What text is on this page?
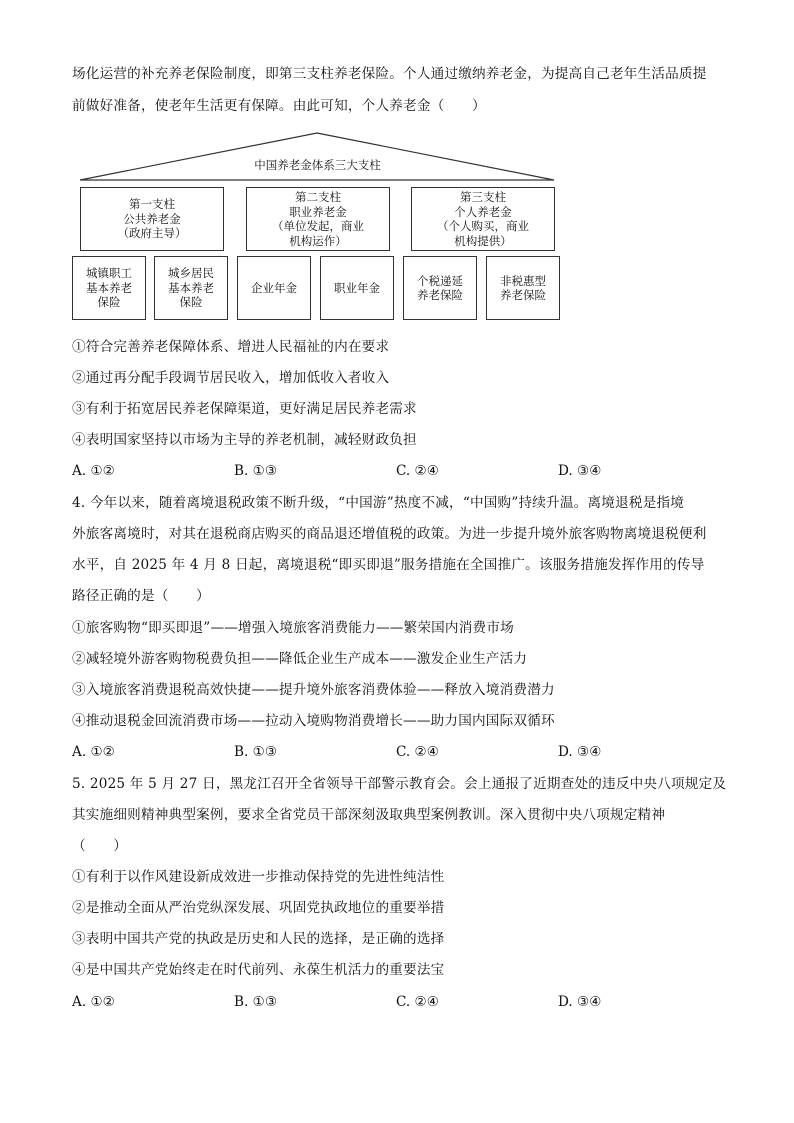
场化运营的补充养老保险制度，即第三支柱养老保险。个人通过缴纳养老金，为提高自己老年生活品质提
前做好准备，使老年生活更有保障。由此可知，个人养老金（　　）
中国养老金体系三大支柱
第一支柱
公共养老金
（政府主导）
第二支柱
职业养老金
（单位发起，商业
机构运作）
第三支柱
个人养老金
（个人购买，商业
机构提供）
城镇职工
基本养老
保险
城乡居民
基本养老
保险
企业年金	职业年金
个税递延
养老保险
非税惠型
养老保险
①符合完善养老保障体系、增进人民福祉的内在要求
②通过再分配手段调节居民收入，增加低收入者收入
③有利于拓宽居民养老保障渠道，更好满足居民养老需求
④表明国家坚持以市场为主导的养老机制，减轻财政负担
A. ①②	B. ①③	C. ②④	D. ③④
4. 今年以来，随着离境退税政策不断升级，“中国游”热度不减，“中国购”持续升温。离境退税是指境
外旅客离境时，对其在退税商店购买的商品退还增值税的政策。为进一步提升境外旅客购物离境退税便利
水平，自 2025 年 4 月 8 日起，离境退税“即买即退”服务措施在全国推广。该服务措施发挥作用的传导
路径正确的是（　　）
①旅客购物“即买即退”——增强入境旅客消费能力——繁荣国内消费市场
②减轻境外游客购物税费负担——降低企业生产成本——激发企业生产活力
③入境旅客消费退税高效快捷——提升境外旅客消费体验——释放入境消费潜力
④推动退税金回流消费市场——拉动入境购物消费增长——助力国内国际双循环
A. ①②	B. ①③	C. ②④	D. ③④
5. 2025 年 5 月 27 日，黑龙江召开全省领导干部警示教育会。会上通报了近期查处的违反中央八项规定及
其实施细则精神典型案例，要求全省党员干部深刻汲取典型案例教训。深入贯彻中央八项规定精神
（　　）
①有利于以作风建设新成效进一步推动保持党的先进性纯洁性
②是推动全面从严治党纵深发展、巩固党执政地位的重要举措
③表明中国共产党的执政是历史和人民的选择，是正确的选择
④是中国共产党始终走在时代前列、永葆生机活力的重要法宝
A. ①②	B. ①③	C. ②④	D. ③④
